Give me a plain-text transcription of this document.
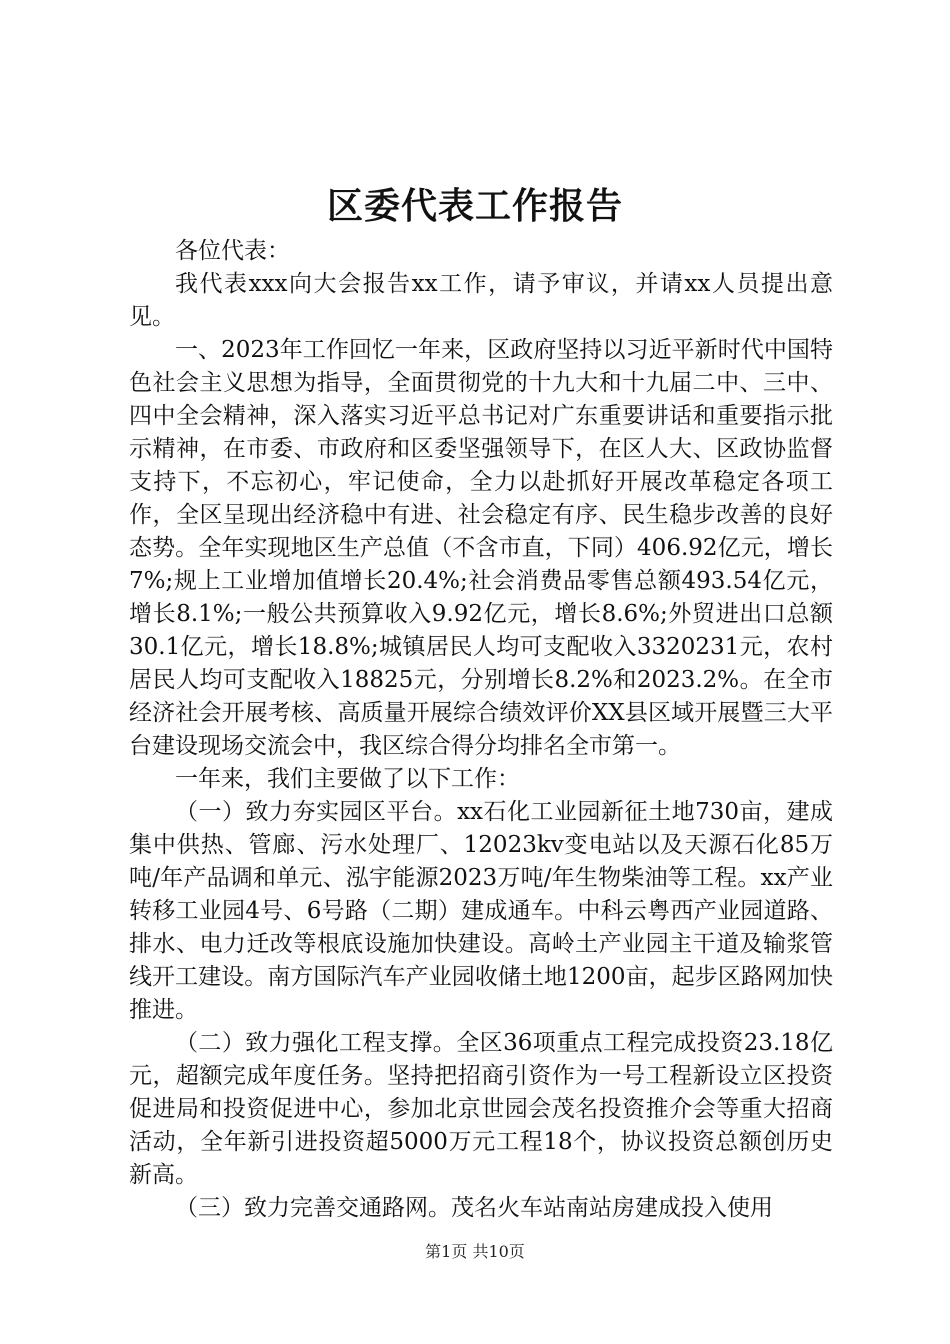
区委代表工作报告

各位代表：

我代表xxx向大会报告xx工作，请予审议，并请xx人员提出意见。

一、2023年工作回忆一年来，区政府坚持以习近平新时代中国特色社会主义思想为指导，全面贯彻党的十九大和十九届二中、三中、四中全会精神，深入落实习近平总书记对广东重要讲话和重要指示批示精神，在市委、市政府和区委坚强领导下，在区人大、区政协监督支持下，不忘初心，牢记使命，全力以赴抓好开展改革稳定各项工作，全区呈现出经济稳中有进、社会稳定有序、民生稳步改善的良好态势。全年实现地区生产总值（不含市直，下同）406.92亿元，增长7%;规上工业增加值增长20.4%;社会消费品零售总额493.54亿元，增长8.1%;一般公共预算收入9.92亿元，增长8.6%;外贸进出口总额30.1亿元，增长18.8%;城镇居民人均可支配收入3320231元，农村居民人均可支配收入18825元，分别增长8.2%和2023.2%。在全市经济社会开展考核、高质量开展综合绩效评价XX县区域开展暨三大平台建设现场交流会中，我区综合得分均排名全市第一。

一年来，我们主要做了以下工作：

（一）致力夯实园区平台。xx石化工业园新征土地730亩，建成集中供热、管廊、污水处理厂、12023kv变电站以及天源石化85万吨/年产品调和单元、泓宇能源2023万吨/年生物柴油等工程。xx产业转移工业园4号、6号路（二期）建成通车。中科云粤西产业园道路、排水、电力迁改等根底设施加快建设。高岭土产业园主干道及输浆管线开工建设。南方国际汽车产业园收储土地1200亩，起步区路网加快推进。

（二）致力强化工程支撑。全区36项重点工程完成投资23.18亿元，超额完成年度任务。坚持把招商引资作为一号工程新设立区投资促进局和投资促进中心，参加北京世园会茂名投资推介会等重大招商活动，全年新引进投资超5000万元工程18个，协议投资总额创历史新高。

（三）致力完善交通路网。茂名火车站南站房建成投入使用

第1页 共10页
